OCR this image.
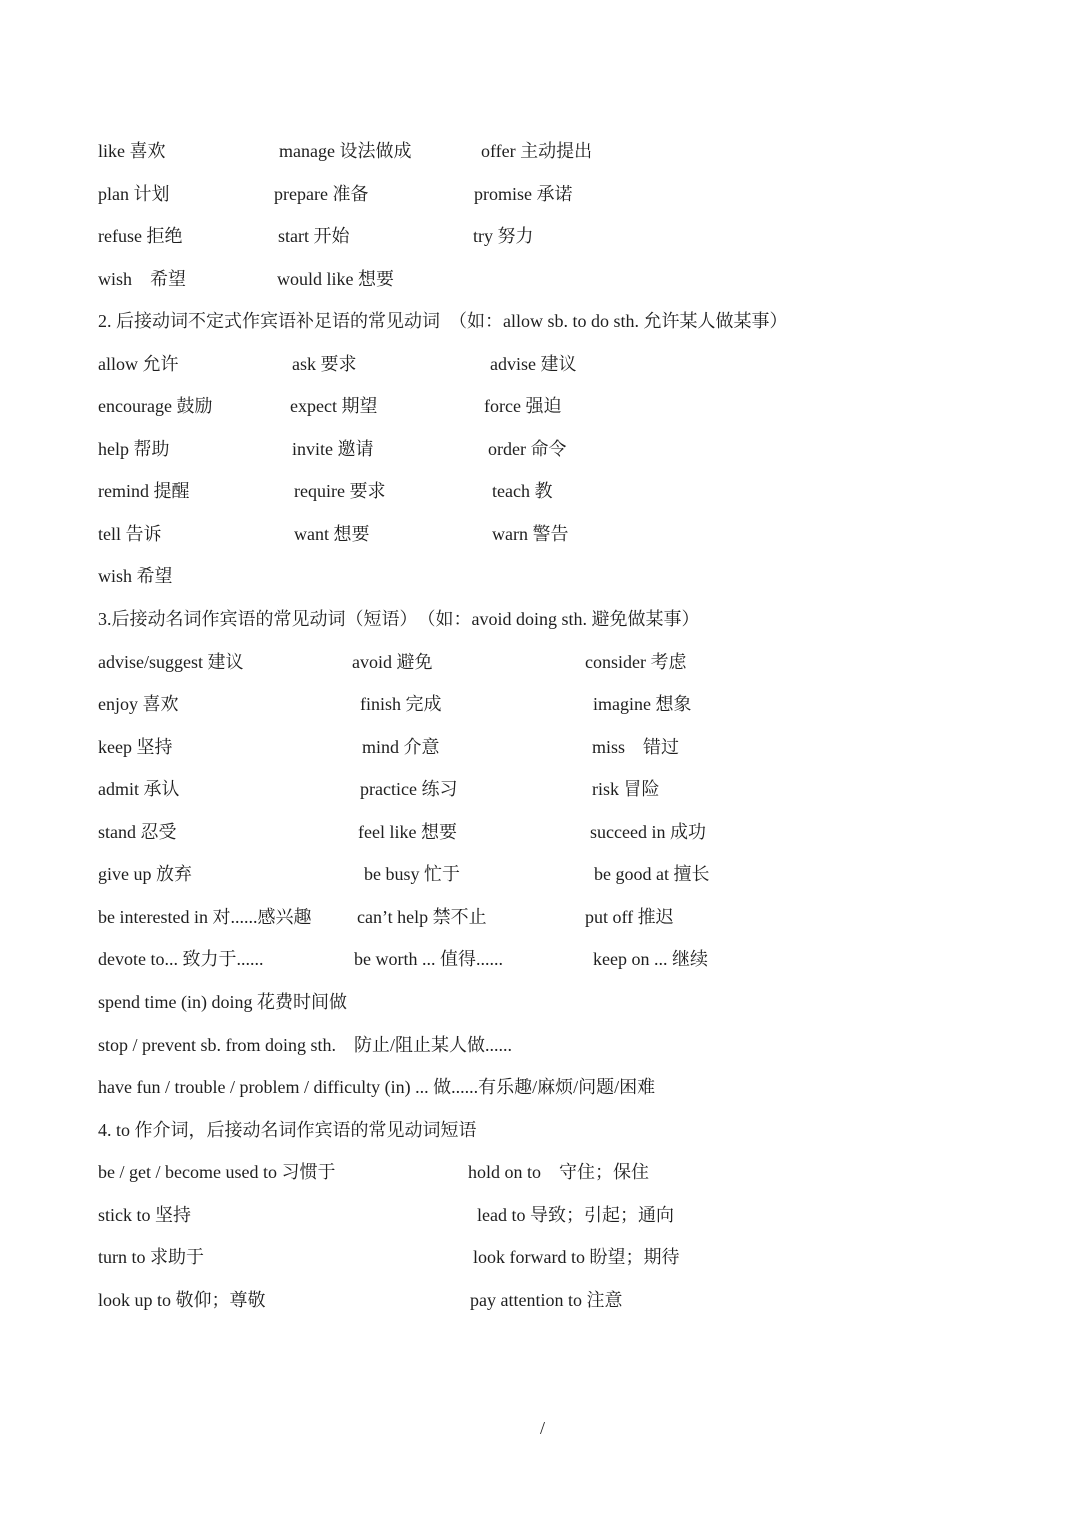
like 喜欢	manage 设法做成	offer 主动提出
plan 计划	prepare 准备	promise 承诺
refuse 拒绝	start 开始	try 努力
wish　希望	would like 想要
2. 后接动词不定式作宾语补足语的常见动词　（如：allow sb. to do sth. 允许某人做某事）
allow 允许	ask 要求	advise 建议
encourage 鼓励	expect 期望	force 强迫
help 帮助	invite 邀请	order 命令
remind 提醒	require 要求	teach 教
tell 告诉	want 想要	warn 警告
wish 希望
3.后接动名词作宾语的常见动词（短语）　（如：avoid doing sth. 避免做某事）
advise/suggest 建议	avoid 避免	consider 考虑
enjoy 喜欢	finish 完成	imagine 想象
keep 坚持	mind 介意	miss　错过
admit 承认	practice 练习	risk 冒险
stand 忍受	feel like 想要	succeed in 成功
give up 放弃	be busy 忙于	be good at 擅长
be interested in 对......感兴趣	can’t help 禁不止	put off 推迟
devote to... 致力于......	be worth ... 值得......	keep on ... 继续
spend time (in) doing 花费时间做
stop / prevent sb. from doing sth.　防止/阻止某人做......
have fun / trouble / problem / difficulty (in) ... 做......有乐趣/麻烦/问题/困难
4. to 作介词，后接动名词作宾语的常见动词短语
be / get / become used to 习惯于	hold on to　守住；保住
stick to 坚持	lead to 导致；引起；通向
turn to 求助于	look forward to 盼望；期待
look up to 敬仰；尊敬	pay attention to 注意
/
